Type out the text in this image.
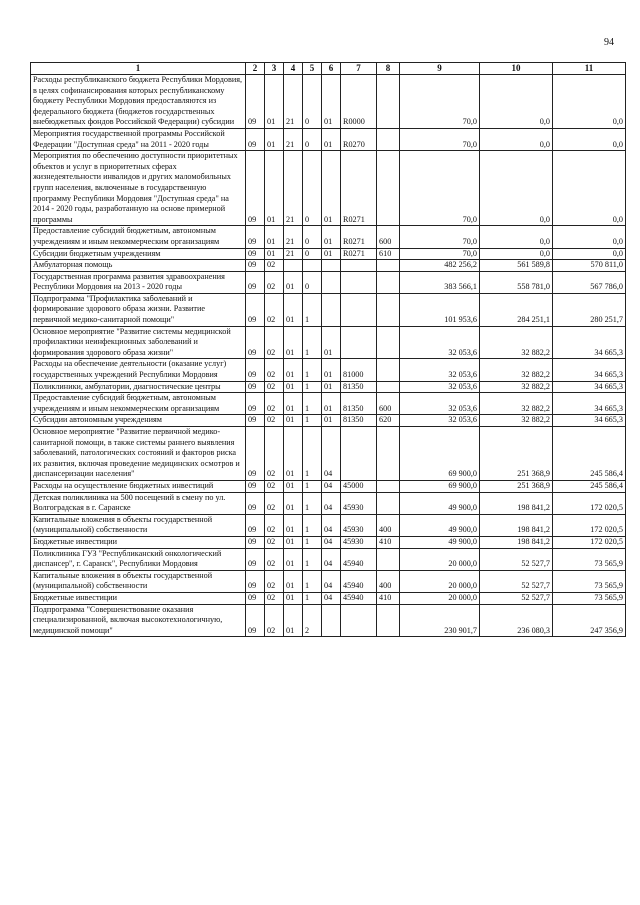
94
1	2	3	4	5	6	7	8	9	10	11
Расходы республиканского бюджета Республики Мордовия, в целях софинансирования которых республиканскому бюджету Республики Мордовия предоставляются из федерального бюджета (бюджетов государственных внебюджетных фондов Российской Федерации) субсидии	09	01	21	0	01	R0000		70,0	0,0	0,0
Мероприятия государственной программы Российской Федерации "Доступная среда" на 2011 - 2020 годы	09	01	21	0	01	R0270		70,0	0,0	0,0
Мероприятия по обеспечению доступности приоритетных объектов и услуг в приоритетных сферах жизнедеятельности инвалидов и других маломобильных групп населения, включенные в государственную программу Республики Мордовия "Доступная среда" на 2014 - 2020 годы, разработанную на основе примерной программы	09	01	21	0	01	R0271		70,0	0,0	0,0
Предоставление субсидий бюджетным, автономным учреждениям и иным некоммерческим организациям	09	01	21	0	01	R0271	600	70,0	0,0	0,0
Субсидии бюджетным учреждениям	09	01	21	0	01	R0271	610	70,0	0,0	0,0
Амбулаторная помощь	09	02						482 256,2	561 589,8	570 811,0
Государственная программа развития здравоохранения Республики Мордовия на 2013 - 2020 годы	09	02	01	0				383 566,1	558 781,0	567 786,0
Подпрограмма "Профилактика заболеваний и формирование здорового образа жизни. Развитие первичной медико-санитарной помощи"	09	02	01	1				101 953,6	284 251,1	280 251,7
Основное мероприятие "Развитие системы медицинской профилактики неинфекционных заболеваний и формирования здорового образа жизни"	09	02	01	1	01			32 053,6	32 882,2	34 665,3
Расходы на обеспечение деятельности (оказание услуг) государственных учреждений Республики Мордовия	09	02	01	1	01	81000		32 053,6	32 882,2	34 665,3
Поликлиники, амбулатории, диагностические центры	09	02	01	1	01	81350		32 053,6	32 882,2	34 665,3
Предоставление субсидий бюджетным, автономным учреждениям и иным некоммерческим организациям	09	02	01	1	01	81350	600	32 053,6	32 882,2	34 665,3
Субсидии автономным учреждениям	09	02	01	1	01	81350	620	32 053,6	32 882,2	34 665,3
Основное мероприятие "Развитие первичной медико-санитарной помощи, в также системы раннего выявления заболеваний, патологических состояний и факторов риска их развития, включая проведение медицинских осмотров и диспансеризации населения"	09	02	01	1	04			69 900,0	251 368,9	245 586,4
Расходы на осуществление бюджетных инвестиций	09	02	01	1	04	45000		69 900,0	251 368,9	245 586,4
Детская поликлиника на 500 посещений в смену по ул. Волгоградская в г. Саранске	09	02	01	1	04	45930		49 900,0	198 841,2	172 020,5
Капитальные вложения в объекты государственной (муниципальной) собственности	09	02	01	1	04	45930	400	49 900,0	198 841,2	172 020,5
Бюджетные инвестиции	09	02	01	1	04	45930	410	49 900,0	198 841,2	172 020,5
Поликлиника ГУЗ "Республиканский онкологический диспансер", г. Саранск", Республики Мордовия	09	02	01	1	04	45940		20 000,0	52 527,7	73 565,9
Капитальные вложения в объекты государственной (муниципальной) собственности	09	02	01	1	04	45940	400	20 000,0	52 527,7	73 565,9
Бюджетные инвестиции	09	02	01	1	04	45940	410	20 000,0	52 527,7	73 565,9
Подпрограмма "Совершенствование оказания специализированной, включая высокотехнологичную, медицинской помощи"	09	02	01	2				230 901,7	236 080,3	247 356,9
